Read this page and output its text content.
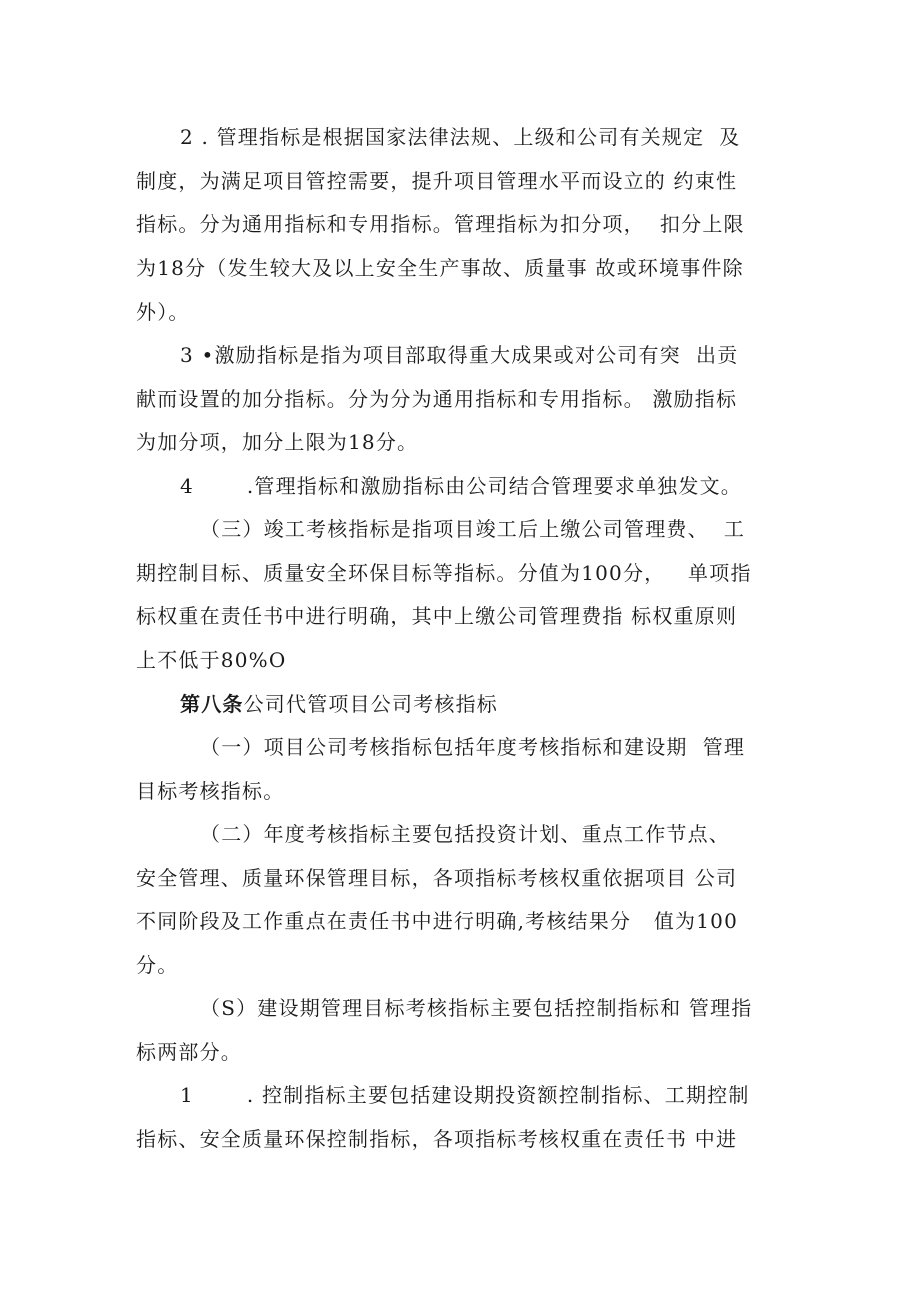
2 . 管理指标是根据国家法律法规、上级和公司有关规定  及
制度，为满足项目管控需要，提升项目管理水平而设立的 约束性
指标。分为通用指标和专用指标。管理指标为扣分项，  扣分上限
为18分（发生较大及以上安全生产事故、质量事 故或环境事件除
外）。
3 •激励指标是指为项目部取得重大成果或对公司有突  出贡
献而设置的加分指标。分为分为通用指标和专用指标。 激励指标
为加分项，加分上限为18分。
4       .管理指标和激励指标由公司结合管理要求单独发文。
（三）竣工考核指标是指项目竣工后上缴公司管理费、  工
期控制目标、质量安全环保目标等指标。分值为100分，   单项指
标权重在责任书中进行明确，其中上缴公司管理费指 标权重原则
上不低于80%O
第八条公司代管项目公司考核指标
（一）项目公司考核指标包括年度考核指标和建设期  管理
目标考核指标。
（二）年度考核指标主要包括投资计划、重点工作节点、
安全管理、质量环保管理目标，各项指标考核权重依据项目 公司
不同阶段及工作重点在责任书中进行明确,考核结果分   值为100
分。
（S）建设期管理目标考核指标主要包括控制指标和 管理指
标两部分。
1       . 控制指标主要包括建设期投资额控制指标、工期控制
指标、安全质量环保控制指标，各项指标考核权重在责任书 中进
